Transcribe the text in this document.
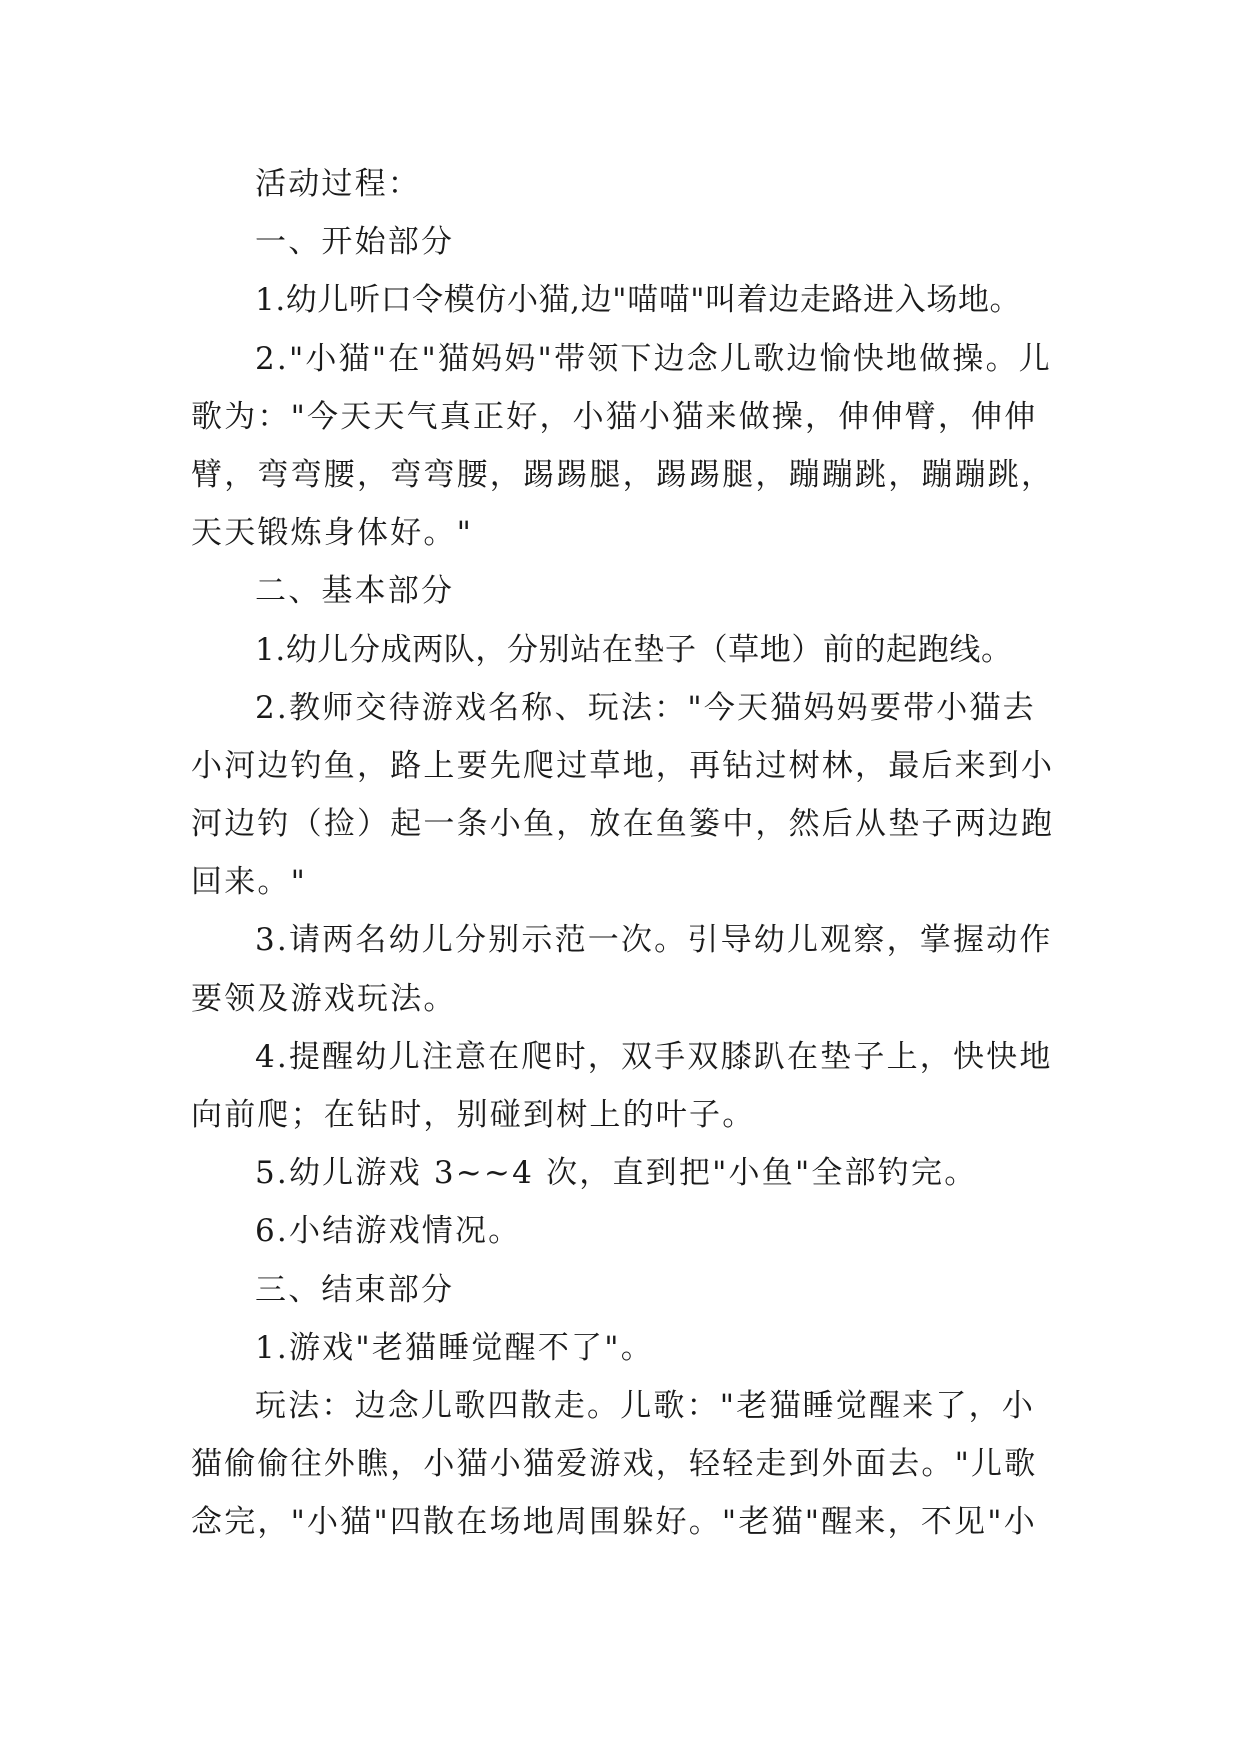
活动过程：
一、开始部分
1.幼儿听口令模仿小猫,边"喵喵"叫着边走路进入场地。
2."小猫"在"猫妈妈"带领下边念儿歌边愉快地做操。儿
歌为："今天天气真正好，小猫小猫来做操，伸伸臂，伸伸
臂，弯弯腰，弯弯腰，踢踢腿，踢踢腿，蹦蹦跳，蹦蹦跳，
天天锻炼身体好。"
二、基本部分
1.幼儿分成两队，分别站在垫子（草地）前的起跑线。
2.教师交待游戏名称、玩法："今天猫妈妈要带小猫去
小河边钓鱼，路上要先爬过草地，再钻过树林，最后来到小
河边钓（捡）起一条小鱼，放在鱼篓中，然后从垫子两边跑
回来。"
3.请两名幼儿分别示范一次。引导幼儿观察，掌握动作
要领及游戏玩法。
4.提醒幼儿注意在爬时，双手双膝趴在垫子上，快快地
向前爬；在钻时，别碰到树上的叶子。
5.幼儿游戏 3~~4 次，直到把"小鱼"全部钓完。
6.小结游戏情况。
三、结束部分
1.游戏"老猫睡觉醒不了"。
玩法：边念儿歌四散走。儿歌："老猫睡觉醒来了，小
猫偷偷往外瞧，小猫小猫爱游戏，轻轻走到外面去。"儿歌
念完，"小猫"四散在场地周围躲好。"老猫"醒来，不见"小
